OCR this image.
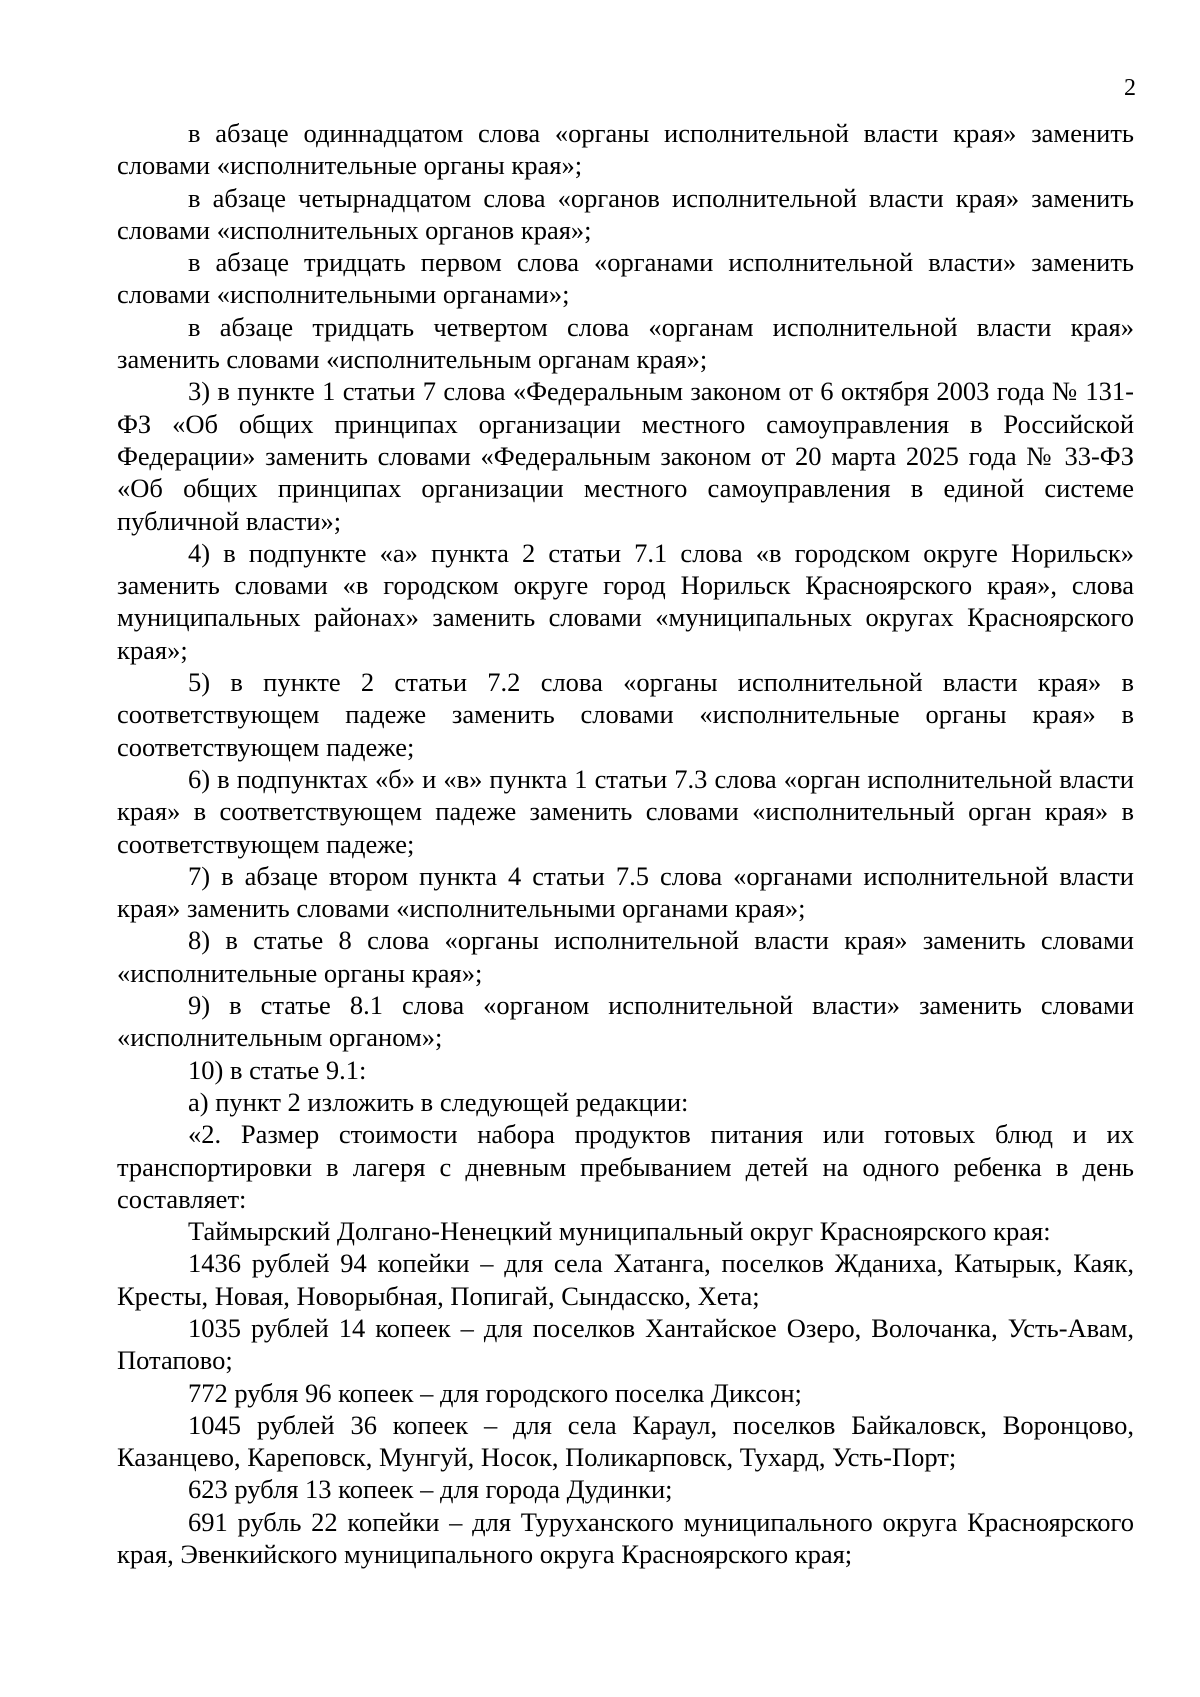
2

в абзаце одиннадцатом слова «органы исполнительной власти края» заменить словами «исполнительные органы края»;

в абзаце четырнадцатом слова «органов исполнительной власти края» заменить словами «исполнительных органов края»;

в абзаце тридцать первом слова «органами исполнительной власти» заменить словами «исполнительными органами»;

в абзаце тридцать четвертом слова «органам исполнительной власти края» заменить словами «исполнительным органам края»;

3) в пункте 1 статьи 7 слова «Федеральным законом от 6 октября 2003 года № 131-ФЗ «Об общих принципах организации местного самоуправления в Российской Федерации» заменить словами «Федеральным законом от 20 марта 2025 года № 33-ФЗ «Об общих принципах организации местного самоуправления в единой системе публичной власти»;

4) в подпункте «а» пункта 2 статьи 7.1 слова «в городском округе Норильск» заменить словами «в городском округе город Норильск Красноярского края», слова муниципальных районах» заменить словами «муниципальных округах Красноярского края»;

5) в пункте 2 статьи 7.2 слова «органы исполнительной власти края» в соответствующем падеже заменить словами «исполнительные органы края» в соответствующем падеже;

6) в подпунктах «б» и «в» пункта 1 статьи 7.3 слова «орган исполнительной власти края» в соответствующем падеже заменить словами «исполнительный орган края» в соответствующем падеже;

7) в абзаце втором пункта 4 статьи 7.5 слова «органами исполнительной власти края» заменить словами «исполнительными органами края»;

8) в статье 8 слова «органы исполнительной власти края» заменить словами «исполнительные органы края»;

9) в статье 8.1 слова «органом исполнительной власти» заменить словами «исполнительным органом»;

10) в статье 9.1:

а) пункт 2 изложить в следующей редакции:

«2. Размер стоимости набора продуктов питания или готовых блюд и их транспортировки в лагеря с дневным пребыванием детей на одного ребенка в день составляет:

Таймырский Долгано-Ненецкий муниципальный округ Красноярского края:

1436 рублей 94 копейки – для села Хатанга, поселков Жданиха, Катырык, Каяк, Кресты, Новая, Новорыбная, Попигай, Сындасско, Хета;

1035 рублей 14 копеек – для поселков Хантайское Озеро, Волочанка, Усть-Авам, Потапово;

772 рубля 96 копеек – для городского поселка Диксон;

1045 рублей 36 копеек – для села Караул, поселков Байкаловск, Воронцово, Казанцево, Кареповск, Мунгуй, Носок, Поликарповск, Тухард, Усть-Порт;

623 рубля 13 копеек – для города Дудинки;

691 рубль 22 копейки – для Туруханского муниципального округа Красноярского края, Эвенкийского муниципального округа Красноярского края;
